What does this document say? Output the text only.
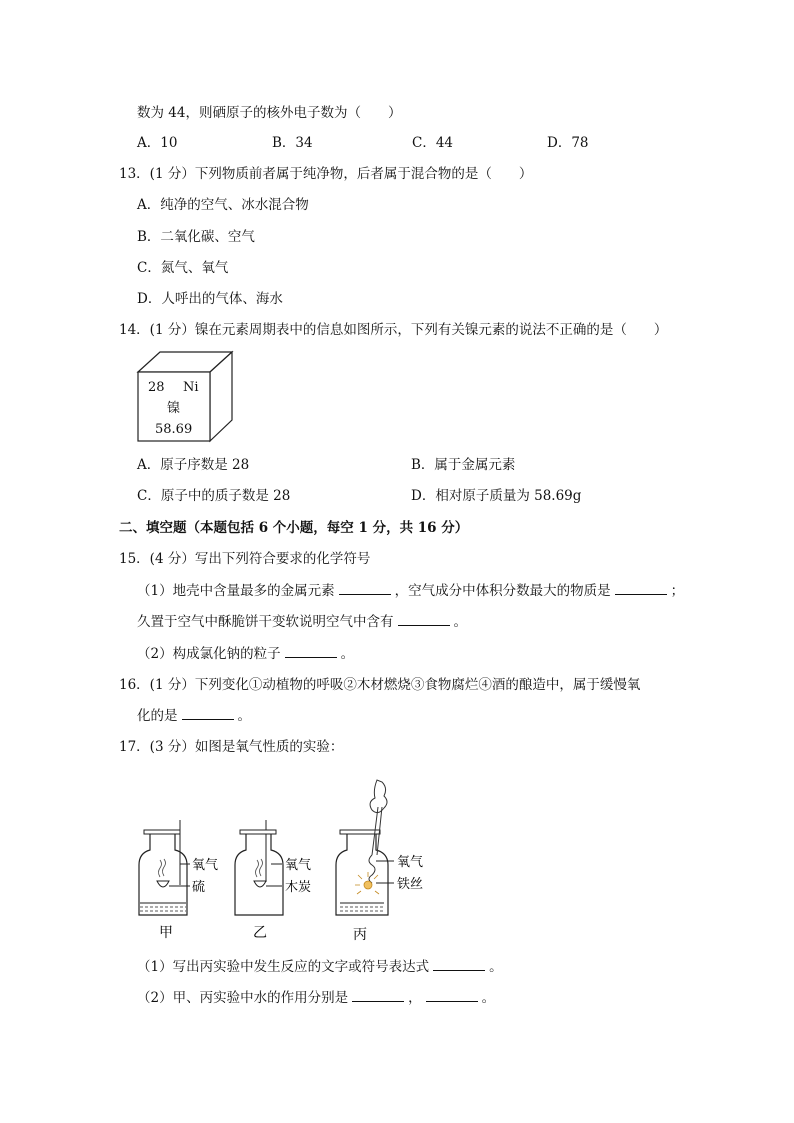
数为 44，则硒原子的核外电子数为（　　）
A．10	B．34	C．44	D．78
13．(1 分）下列物质前者属于纯净物，后者属于混合物的是（　　）
A．纯净的空气、冰水混合物
B．二氧化碳、空气
C．氮气、氧气
D．人呼出的气体、海水
14．(1 分）镍在元素周期表中的信息如图所示，下列有关镍元素的说法不正确的是（　　）
28 Ni
镍
58.69
A．原子序数是 28	B．属于金属元素
C．原子中的质子数是 28	D．相对原子质量为 58.69g
二、填空题（本题包括 6 个小题，每空 1 分，共 16 分）
15．(4 分）写出下列符合要求的化学符号
（1）地壳中含量最多的金属元素	，空气成分中体积分数最大的物质是	；
久置于空气中酥脆饼干变软说明空气中含有	。
（2）构成氯化钠的粒子	。
16．(1 分）下列变化①动植物的呼吸②木材燃烧③食物腐烂④酒的酿造中，属于缓慢氧
化的是	。
17．(3 分）如图是氧气性质的实验：
氧气
硫
甲
氧气
木炭
乙
氧气
铁丝
丙
（1）写出丙实验中发生反应的文字或符号表达式	。
（2）甲、丙实验中水的作用分别是	，	。
